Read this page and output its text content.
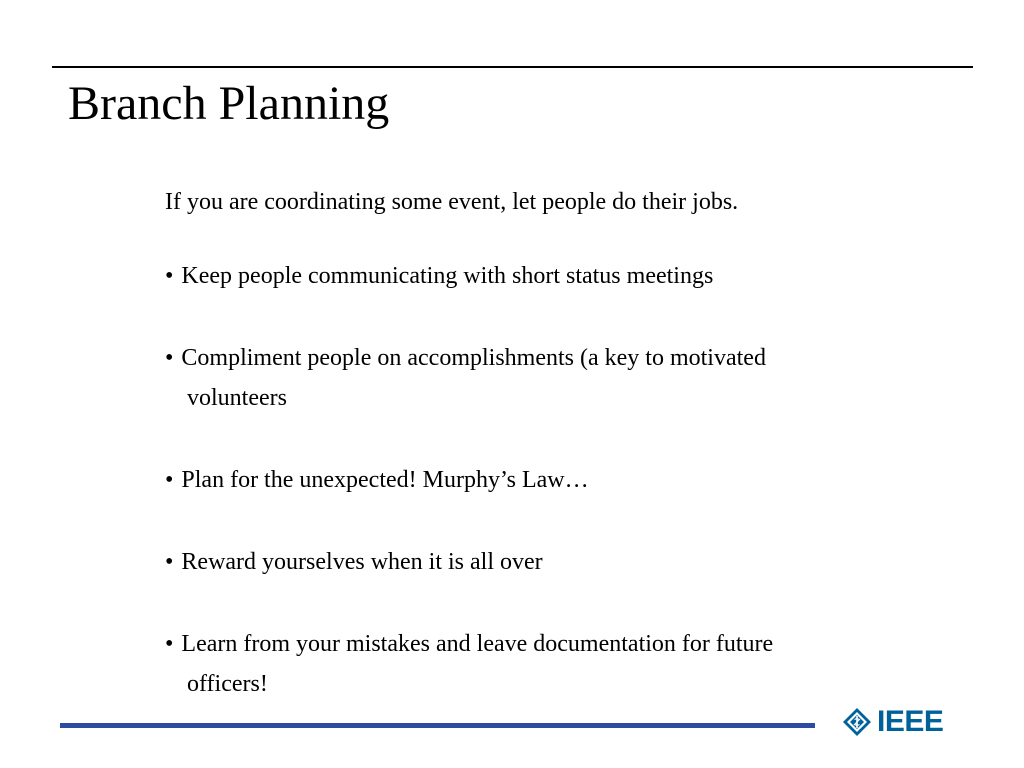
Branch Planning
If you are coordinating some event, let people do their jobs.
• Keep people communicating with short status meetings
• Compliment people on accomplishments (a key to motivated
volunteers
• Plan for the unexpected! Murphy’s Law…
• Reward yourselves when it is all over
• Learn from your mistakes and leave documentation for future
officers!
IEEE
